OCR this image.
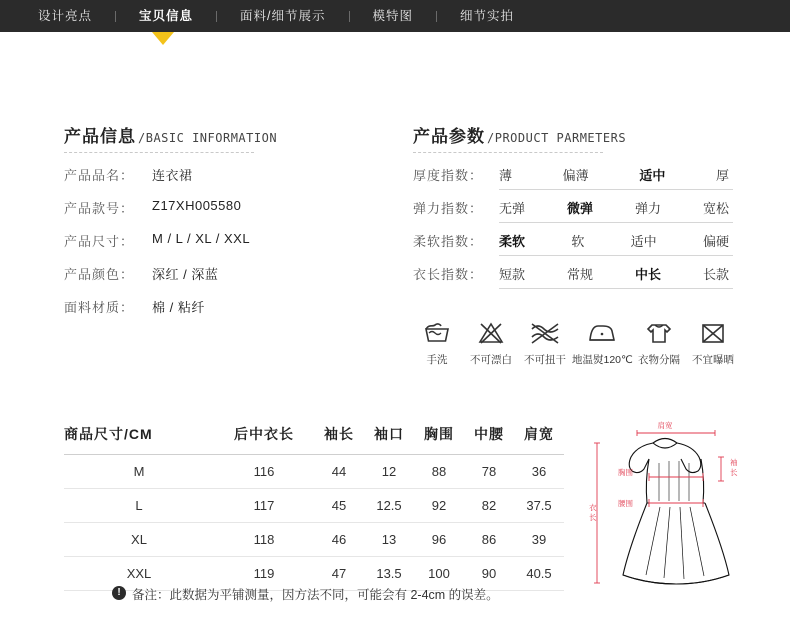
设计亮点	宝贝信息	面料/细节展示	模特图	细节实拍
产品信息 /BASIC INFORMATION
产品品名：	连衣裙
产品款号：	Z17XH005580
产品尺寸：	M / L / XL / XXL
产品颜色：	深红 / 深蓝
面料材质：	棉 / 粘纤
产品参数 /PRODUCT PARMETERS
厚度指数：	薄	偏薄	适中	厚
弹力指数：	无弹	微弹	弹力	宽松
柔软指数：	柔软	软	适中	偏硬
衣长指数：	短款	常规	中长	长款
手洗	不可漂白	不可扭干 地温熨120℃ 衣物分隔	不宜曝晒
商品尺寸/CM	后中衣长	袖长	袖口	胸围	中腰	肩宽
M	116	44	12	88	78	36
L	117	45	12.5	92	82	37.5
XL	118	46	13	96	86	39
XXL	119	47	13.5	100	90	40.5
! 备注：此数据为平铺测量，因方法不同，可能会有 2-4cm 的误差。
肩宽
袖
长
胸围
腰围
衣
长
